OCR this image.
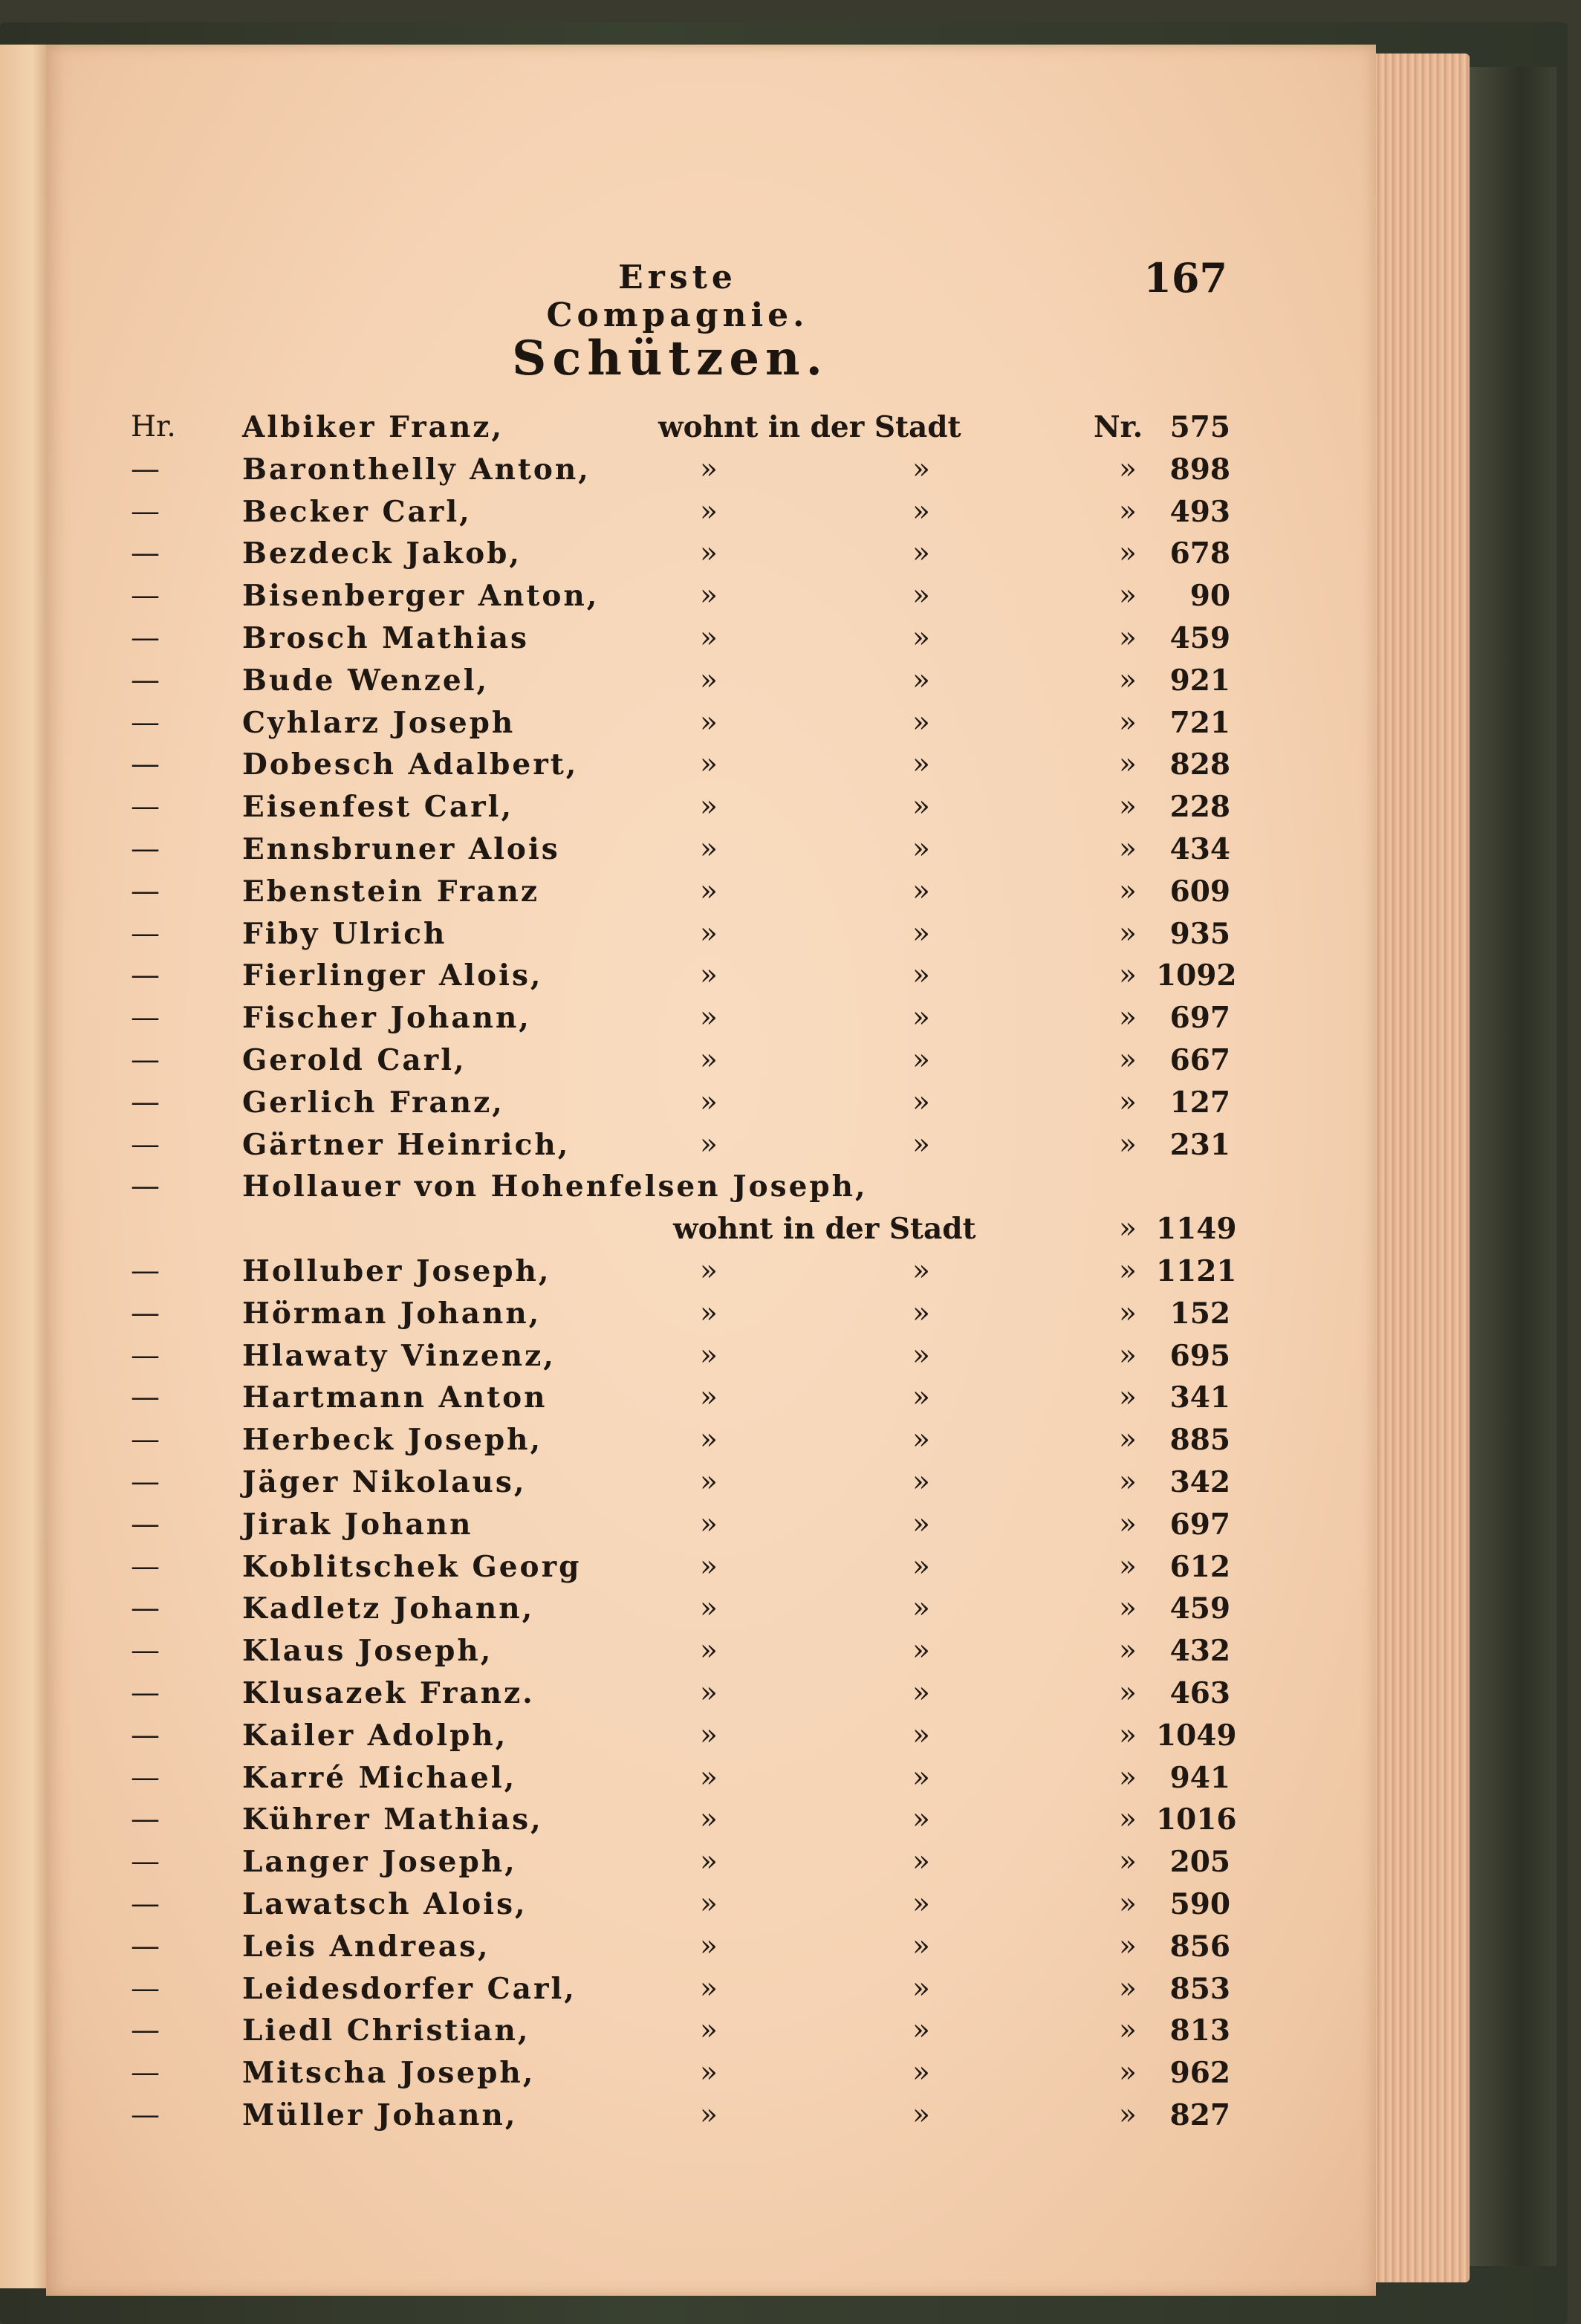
Erste Compagnie.
167
Schützen.
Hr.	Albiker Franz,	wohnt in der Stadt	Nr. 575
—	Baronthelly Anton,	»	»	»	898
—	Becker Carl,	»	»	»	493
—	Bezdeck Jakob,	»	»	»	678
—	Bisenberger Anton,	»	»	»	90
—	Brosch Mathias	»	»	»	459
—	Bude Wenzel,	»	»	»	921
—	Cyhlarz Joseph	»	»	»	721
—	Dobesch Adalbert,	»	»	»	828
—	Eisenfest Carl,	»	»	»	228
—	Ennsbruner Alois	»	»	»	434
—	Ebenstein Franz	»	»	»	609
—	Fiby Ulrich	»	»	»	935
—	Fierlinger Alois,	»	»	» 1092
—	Fischer Johann,	»	»	»	697
—	Gerold Carl,	»	»	»	667
—	Gerlich Franz,	»	»	»	127
—	Gärtner Heinrich,	»	»	»	231
—	Hollauer von Hohenfelsen Joseph,
wohnt in der Stadt	» 1149
—	Holluber Joseph,	»	»	» 1121
—	Hörman Johann,	»	»	»	152
—	Hlawaty Vinzenz,	»	»	»	695
—	Hartmann Anton	»	»	»	341
—	Herbeck Joseph,	»	»	»	885
—	Jäger Nikolaus,	»	»	»	342
—	Jirak Johann	»	»	»	697
—	Koblitschek Georg	»	»	»	612
—	Kadletz Johann,	»	»	»	459
—	Klaus Joseph,	»	»	»	432
—	Klusazek Franz.	»	»	»	463
—	Kailer Adolph,	»	»	» 1049
—	Karré Michael,	»	»	»	941
—	Kührer Mathias,	»	»	» 1016
—	Langer Joseph,	»	»	»	205
—	Lawatsch Alois,	»	»	»	590
—	Leis Andreas,	»	»	»	856
—	Leidesdorfer Carl,	»	»	»	853
—	Liedl Christian,	»	»	»	813
—	Mitscha Joseph,	»	»	»	962
—	Müller Johann,	»	»	»	827
